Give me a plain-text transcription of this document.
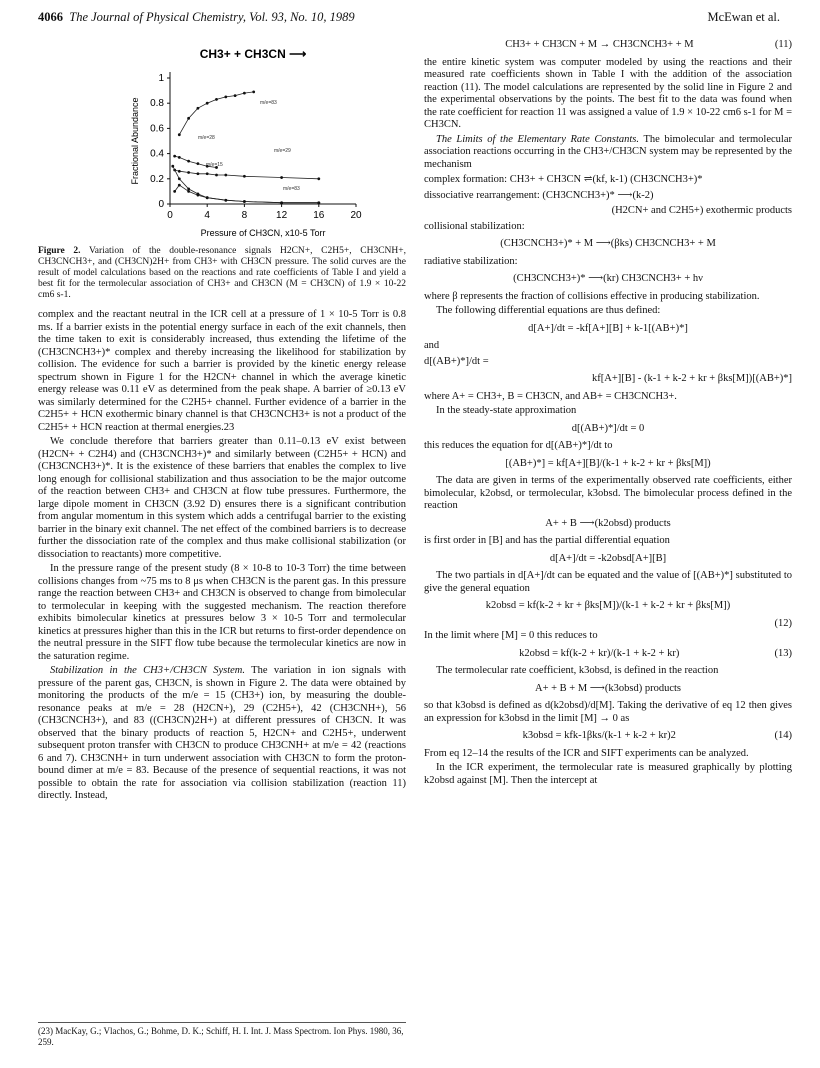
4066 The Journal of Physical Chemistry, Vol. 93, No. 10, 1989	McEwan et al.
CH3+ + CH3CN ⟶
1
0.8
0.6
0.4
0.2
0
0	4	8	12	16	20
Pressure of CH3CN, x10-5 Torr
Fractional Abundance	m/e=83
m/e=28
m/e=29
m/e=15
m/e=83
Figure 2. Variation of the double-resonance signals H2CN+, C2H5+, CH3CNH+, CH3CNCH3+, and (CH3CN)2H+ from CH3+ with CH3CN pressure. The solid curves are the result of model calculations based on the reactions and rate coefficients of Table I and yield a best fit for the termolecular association of CH3+ and CH3CN (M = CH3CN) of 1.9 × 10-22 cm6 s-1.

complex and the reactant neutral in the ICR cell at a pressure of 1 × 10-5 Torr is 0.8 ms. If a barrier exists in the potential energy surface in each of the exit channels, then the time taken to exit is considerably increased, thus extending the lifetime of the (CH3CNCH3+)* complex and thereby increasing the likelihood for stabilization by collision. The evidence for such a barrier is provided by the kinetic energy release spectrum shown in Figure 1 for the H2CN+ channel in which the average kinetic energy release was 0.11 eV as determined from the peak shape. A barrier of ≥0.13 eV was similarly determined for the C2H5+ channel. Further evidence of a barrier in the C2H5+ + HCN exothermic binary channel is that CH3CNCH3+ is not a product of the C2H5+ + HCN reaction at thermal energies.23

We conclude therefore that barriers greater than 0.11–0.13 eV exist between (H2CN+ + C2H4) and (CH3CNCH3+)* and similarly between (C2H5+ + HCN) and (CH3CNCH3+)*. It is the existence of these barriers that enables the complex to live long enough for collisional stabilization and thus association to be the major outcome of the reaction between CH3+ and CH3CN at flow tube pressures. Furthermore, the large dipole moment in CH3CN (3.92 D) ensures there is a significant contribution from angular momentum in this system which adds a centrifugal barrier to the existing barrier in the binary exit channel. The net effect of the combined barriers is to decrease further the dissociation rate of the complex and thus make collisional stabilization (or dissociation to reactants) more competitive.

In the pressure range of the present study (8 × 10-8 to 10-3 Torr) the time between collisions changes from ~75 ms to 8 μs when CH3CN is the parent gas. In this pressure range the reaction between CH3+ and CH3CN is observed to change from bimolecular to termolecular in keeping with the suggested mechanism. The reaction therefore exhibits bimolecular kinetics at pressures below 3 × 10-5 Torr and termolecular kinetics at pressures higher than this in the ICR but returns to first-order dependence on the neutral pressure in the SIFT flow tube because the termolecular kinetics are now in the saturation regime.

Stabilization in the CH3+/CH3CN System. The variation in ion signals with pressure of the parent gas, CH3CN, is shown in Figure 2. The data were obtained by monitoring the products of the m/e = 15 (CH3+) ion, by measuring the double-resonance peaks at m/e = 28 (H2CN+), 29 (C2H5+), 42 (CH3CNH+), 56 (CH3CNCH3+), and 83 ((CH3CN)2H+) at different pressures of CH3CN. It was observed that the binary products of reaction 5, H2CN+ and C2H5+, underwent subsequent proton transfer with CH3CN to produce CH3CNH+ at m/e = 42 (reactions 6 and 7). CH3CNH+ in turn underwent association with CH3CN to form the proton-bound dimer at m/e = 83. Because of the presence of sequential reactions, it was not possible to obtain the rate for association via collision stabilization (reaction 11) directly. Instead,

(23) MacKay, G.; Vlachos, G.; Bohme, D. K.; Schiff, H. I. Int. J. Mass Spectrom. Ion Phys. 1980, 36, 259.
CH3+ + CH3CN + M → CH3CNCH3+ + M	(11)

the entire kinetic system was computer modeled by using the reactions and their measured rate coefficients shown in Table I with the addition of the association reaction (11). The model calculations are represented by the solid line in Figure 2 and the experimental observations by the points. The best fit to the data was found when the rate coefficient for reaction 11 was assigned a value of 1.9 × 10-22 cm6 s-1 for M = CH3CN.

The Limits of the Elementary Rate Constants. The bimolecular and termolecular association reactions occurring in the CH3+/CH3CN system may be represented by the mechanism

complex formation: CH3+ + CH3CN ⇌(kf, k-1) (CH3CNCH3+)*

dissociative rearrangement: (CH3CNCH3+)* ⟶(k-2)

(H2CN+ and C2H5+) exothermic products

collisional stabilization:

(CH3CNCH3+)* + M ⟶(βks) CH3CNCH3+ + M

radiative stabilization:

(CH3CNCH3+)* ⟶(kr) CH3CNCH3+ + hν

where β represents the fraction of collisions effective in producing stabilization.

The following differential equations are thus defined:

d[A+]/dt = -kf[A+][B] + k-1[(AB+)*]

and

d[(AB+)*]/dt =

kf[A+][B] - (k-1 + k-2 + kr + βks[M])[(AB+)*]

where A+ = CH3+, B = CH3CN, and AB+ = CH3CNCH3+.

In the steady-state approximation

d[(AB+)*]/dt = 0

this reduces the equation for d[(AB+)*]/dt to

[(AB+)*] = kf[A+][B]/(k-1 + k-2 + kr + βks[M])

The data are given in terms of the experimentally observed rate coefficients, either bimolecular, k2obsd, or termolecular, k3obsd. The bimolecular process defined in the reaction

A+ + B ⟶(k2obsd) products

is first order in [B] and has the partial differential equation

d[A+]/dt = -k2obsd[A+][B]

The two partials in d[A+]/dt can be equated and the value of [(AB+)*] substituted to give the general equation

k2obsd = kf(k-2 + kr + βks[M])/(k-1 + k-2 + kr + βks[M])
(12)

In the limit where [M] = 0 this reduces to

k2obsd = kf(k-2 + kr)/(k-1 + k-2 + kr)	(13)

The termolecular rate coefficient, k3obsd, is defined in the reaction

A+ + B + M ⟶(k3obsd) products

so that k3obsd is defined as d(k2obsd)/d[M]. Taking the derivative of eq 12 then gives an expression for k3obsd in the limit [M] → 0 as

k3obsd = kfk-1βks/(k-1 + k-2 + kr)2	(14)

From eq 12–14 the results of the ICR and SIFT experiments can be analyzed.

In the ICR experiment, the termolecular rate is measured graphically by plotting k2obsd against [M]. Then the intercept at
